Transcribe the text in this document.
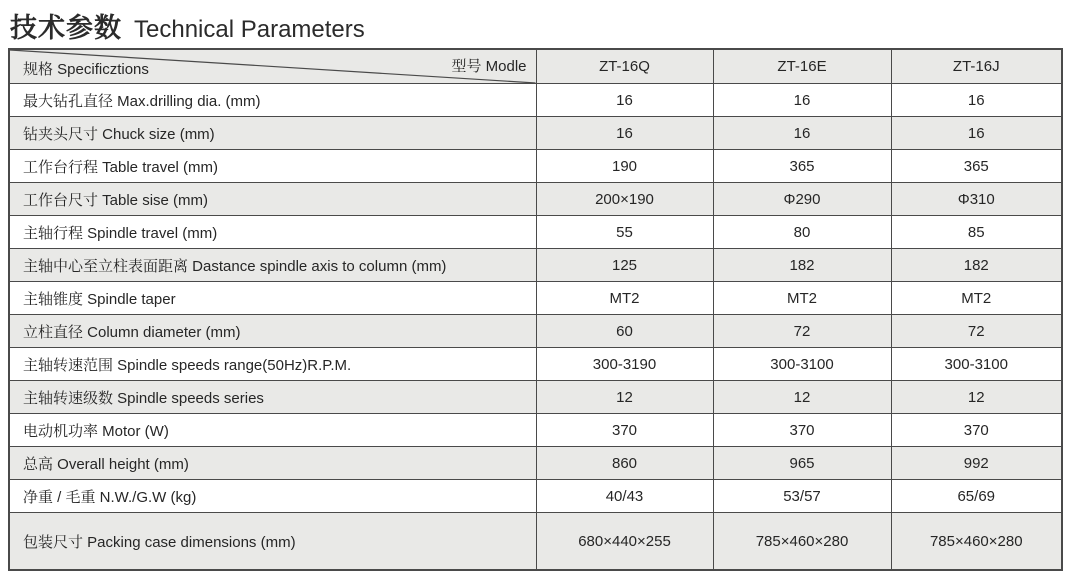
技术参数 Technical Parameters
规格 Specificztions 型号 Modle	ZT-16Q	ZT-16E	ZT-16J
最大钻孔直径 Max.drilling dia. (mm)	16	16	16
钻夹头尺寸 Chuck size (mm)	16	16	16
工作台行程 Table travel (mm)	190	365	365
工作台尺寸 Table sise (mm)	200×190	Φ290	Φ310
主轴行程 Spindle travel (mm)	55	80	85
主轴中心至立柱表面距离 Dastance spindle axis to column (mm)	125	182	182
主轴锥度 Spindle taper	MT2	MT2	MT2
立柱直径 Column diameter (mm)	60	72	72
主轴转速范围 Spindle speeds range(50Hz)R.P.M.	300-3190	300-3100	300-3100
主轴转速级数 Spindle speeds series	12	12	12
电动机功率 Motor (W)	370	370	370
总高 Overall height (mm)	860	965	992
净重 / 毛重 N.W./G.W (kg)	40/43	53/57	65/69
包装尺寸 Packing case dimensions (mm)	680×440×255	785×460×280	785×460×280
